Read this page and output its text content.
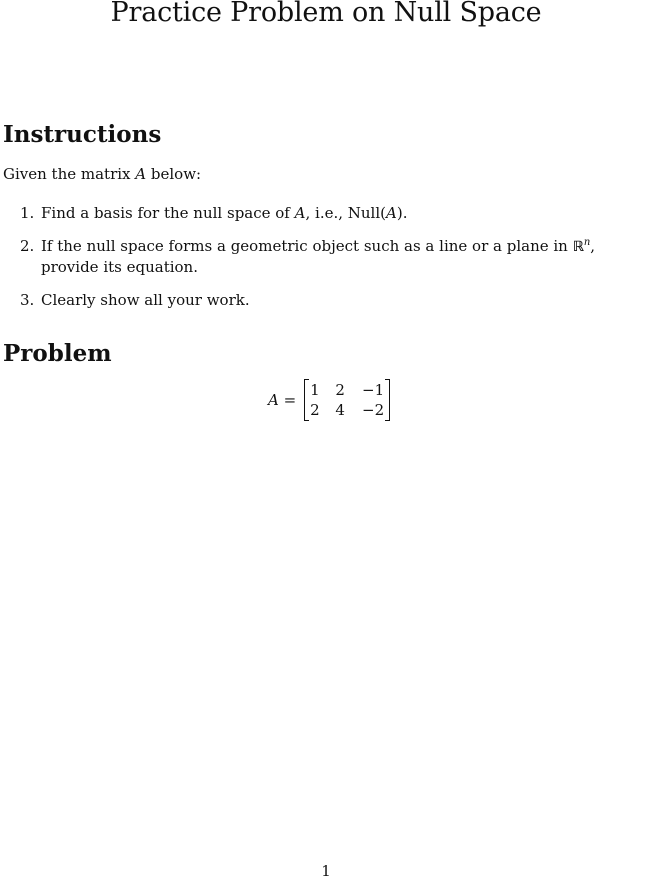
Practice Problem on Null Space
Instructions
Given the matrix A below:
1. Find a basis for the null space of A, i.e., Null(A).
2. If the null space forms a geometric object such as a line or a plane in ℝ$^n$, provide its equation.
3. Clearly show all your work.
Problem
A =
1	2	−1
2	4	−2
1
